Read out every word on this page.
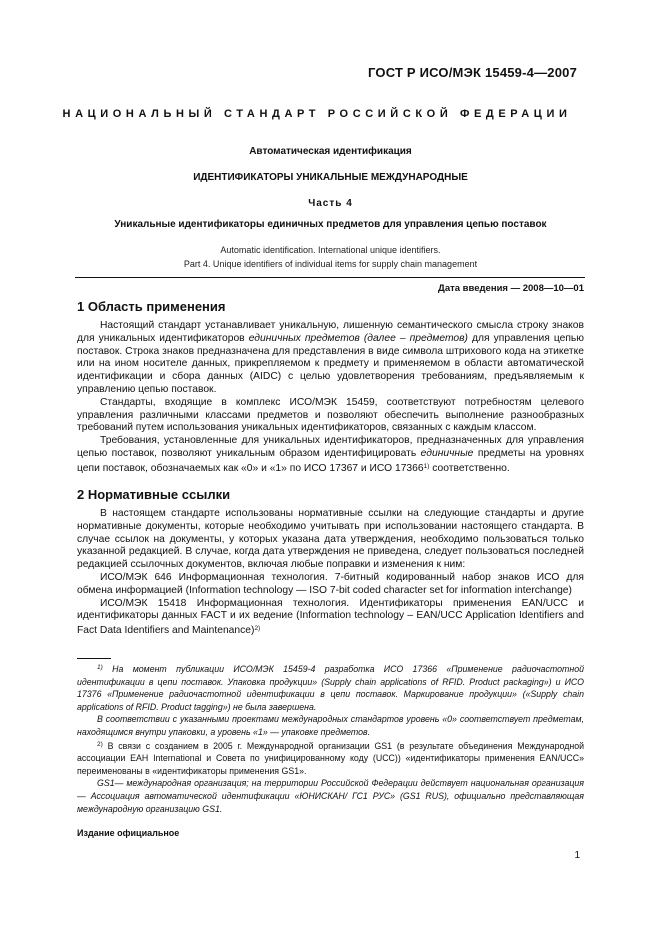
ГОСТ Р ИСО/МЭК 15459-4—2007
НАЦИОНАЛЬНЫЙ СТАНДАРТ РОССИЙСКОЙ ФЕДЕРАЦИИ
Автоматическая идентификация
ИДЕНТИФИКАТОРЫ УНИКАЛЬНЫЕ МЕЖДУНАРОДНЫЕ
Часть 4
Уникальные идентификаторы единичных предметов для управления цепью поставок
Automatic identification. International unique identifiers.
Part 4. Unique identifiers of individual items for supply chain management
Дата введения — 2008—10—01
1 Область применения

Настоящий стандарт устанавливает уникальную, лишенную семантического смысла строку знаков для уникальных идентификаторов единичных предметов (далее – предметов) для управления цепью поставок. Строка знаков предназначена для представления в виде символа штрихового кода на этикетке или на ином носителе данных, прикрепляемом к предмету и применяемом в области автоматической идентификации и сбора данных (AIDC) с целью удовлетворения требованиям, предъявляемым к управлению цепью поставок.

Стандарты, входящие в комплекс ИСО/МЭК 15459, соответствуют потребностям целевого управления различными классами предметов и позволяют обеспечить выполнение разнообразных требований путем использования уникальных идентификаторов, связанных с каждым классом.

Требования, установленные для уникальных идентификаторов, предназначенных для управления цепью поставок, позволяют уникальным образом идентифицировать единичные предметы на уровнях цепи поставок, обозначаемых как «0» и «1» по ИСО 17367 и ИСО 17366$^{1)}$ соответственно.

2 Нормативные ссылки

В настоящем стандарте использованы нормативные ссылки на следующие стандарты и другие нормативные документы, которые необходимо учитывать при использовании настоящего стандарта. В случае ссылок на документы, у которых указана дата утверждения, необходимо пользоваться только указанной редакцией. В случае, когда дата утверждения не приведена, следует пользоваться последней редакцией ссылочных документов, включая любые поправки и изменения к ним:

ИСО/МЭК 646 Информационная технология. 7-битный кодированный набор знаков ИСО для обмена информацией (Information technology — ISO 7-bit coded character set for information interchange)

ИСО/МЭК 15418 Информационная технология. Идентификаторы применения EAN/UCC и идентификаторы данных FACT и их ведение (Information technology – EAN/UCC Application Identifiers and Fact Data Identifiers and Maintenance)$^{2)}$

$^{1)}$ На момент публикации ИСО/МЭК 15459-4 разработка ИСО 17366 «Применение радиочастотной идентификации в цепи поставок. Упаковка продукции» (Supply chain applications of RFID. Product packaging») и ИСО 17376 «Применение радиочастотной идентификации в цепи поставок. Маркирование продукции» («Supply chain applications of RFID. Product tagging») не была завершена.

В соответствии с указанными проектами международных стандартов уровень «0» соответствует предметам, находящимся внутри упаковки, а уровень «1» — упаковке предметов.

$^{2)}$ В связи с созданием в 2005 г. Международной организации GS1 (в результате объединения Международной ассоциации EAH International и Совета по унифицированному коду (UCC)) «идентификаторы применения EAN/UCC» переименованы в «идентификаторы применения GS1».

GS1— международная организация; на территории Российской Федерации действует национальная организация — Ассоциация автоматической идентификации «ЮНИСКАН/ ГС1 РУС» (GS1 RUS), официально представляющая международную организацию GS1.

Издание официальное
1
